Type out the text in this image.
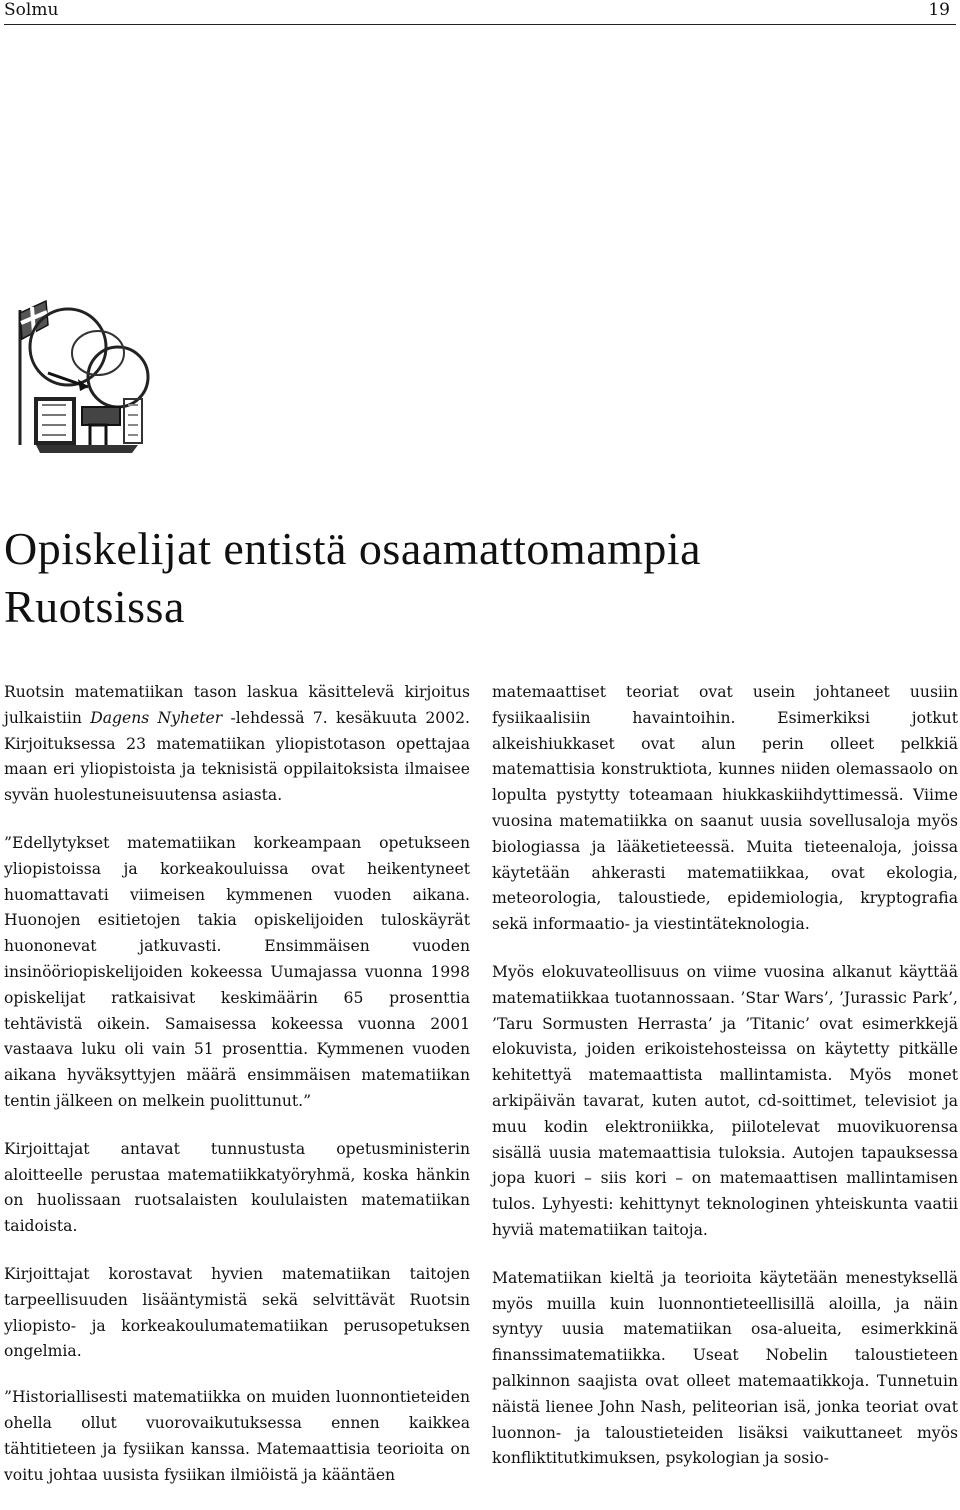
Solmu	19
Opiskelijat entistä osaamattomampia
Ruotsissa

Ruotsin matematiikan tason laskua käsittelevä kirjoitus julkaistiin Dagens Nyheter -lehdessä 7. kesäkuuta 2002. Kirjoituksessa 23 matematiikan yliopistotason opettajaa maan eri yliopistoista ja teknisistä oppilaitoksista ilmaisee syvän huolestuneisuutensa asiasta.

”Edellytykset matematiikan korkeampaan opetukseen yliopistoissa ja korkeakouluissa ovat heikentyneet huomattavati viimeisen kymmenen vuoden aikana. Huonojen esitietojen takia opiskelijoiden tuloskäyrät huononevat jatkuvasti. Ensimmäisen vuoden insinööriopiskelijoiden kokeessa Uumajassa vuonna 1998 opiskelijat ratkaisivat keskimäärin 65 prosenttia tehtävistä oikein. Samaisessa kokeessa vuonna 2001 vastaava luku oli vain 51 prosenttia. Kymmenen vuoden aikana hyväksyttyjen määrä ensimmäisen matematiikan tentin jälkeen on melkein puolittunut.”

Kirjoittajat antavat tunnustusta opetusministerin aloitteelle perustaa matematiikkatyöryhmä, koska hänkin on huolissaan ruotsalaisten koululaisten matematiikan taidoista.

Kirjoittajat korostavat hyvien matematiikan taitojen tarpeellisuuden lisääntymistä sekä selvittävät Ruotsin yliopisto- ja korkeakoulumatematiikan perusopetuksen ongelmia.

”Historiallisesti matematiikka on muiden luonnontieteiden ohella ollut vuorovaikutuksessa ennen kaikkea tähtitieteen ja fysiikan kanssa. Matemaattisia teorioita on voitu johtaa uusista fysiikan ilmiöistä ja kääntäen

matemaattiset teoriat ovat usein johtaneet uusiin fysiikaalisiin havaintoihin. Esimerkiksi jotkut alkeishiukkaset ovat alun perin olleet pelkkiä matemattisia konstruktiota, kunnes niiden olemassaolo on lopulta pystytty toteamaan hiukkaskiihdyttimessä. Viime vuosina matematiikka on saanut uusia sovellusaloja myös biologiassa ja lääketieteessä. Muita tieteenaloja, joissa käytetään ahkerasti matematiikkaa, ovat ekologia, meteorologia, taloustiede, epidemiologia, kryptografia sekä informaatio- ja viestintäteknologia.

Myös elokuvateollisuus on viime vuosina alkanut käyttää matematiikkaa tuotannossaan. ’Star Wars’, ’Jurassic Park’, ’Taru Sormusten Herrasta’ ja ’Titanic’ ovat esimerkkejä elokuvista, joiden erikoistehosteissa on käytetty pitkälle kehitettyä matemaattista mallintamista. Myös monet arkipäivän tavarat, kuten autot, cd-soittimet, televisiot ja muu kodin elektroniikka, piilotelevat muovikuorensa sisällä uusia matemaattisia tuloksia. Autojen tapauksessa jopa kuori – siis kori – on matemaattisen mallintamisen tulos. Lyhyesti: kehittynyt teknologinen yhteiskunta vaatii hyviä matematiikan taitoja.

Matematiikan kieltä ja teorioita käytetään menestyksellä myös muilla kuin luonnontieteellisillä aloilla, ja näin syntyy uusia matematiikan osa-alueita, esimerkkinä finanssimatematiikka. Useat Nobelin taloustieteen palkinnon saajista ovat olleet matemaatikkoja. Tunnetuin näistä lienee John Nash, peliteorian isä, jonka teoriat ovat luonnon- ja taloustieteiden lisäksi vaikuttaneet myös konfliktitutkimuksen, psykologian ja sosio-
